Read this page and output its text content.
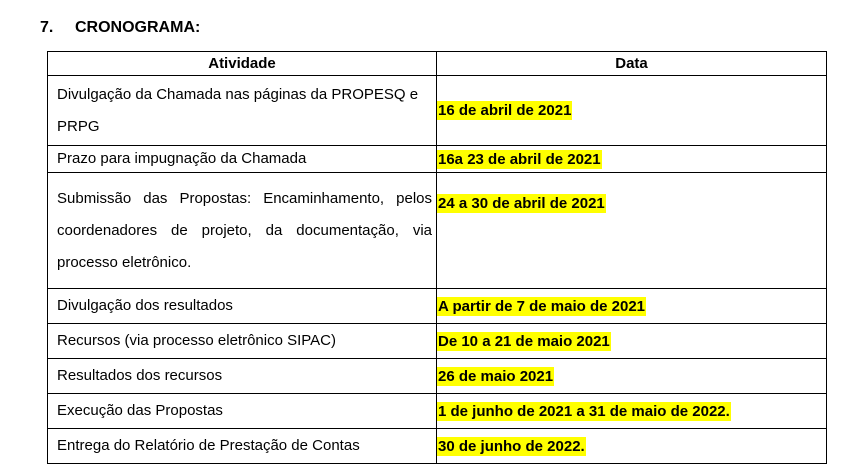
7. CRONOGRAMA:
Atividade	Data

Divulgação da Chamada nas páginas da PROPESQ e PRPG	16 de abril de 2021

Prazo para impugnação da Chamada	16a 23 de abril de 2021

Submissão das Propostas: Encaminhamento, pelos coordenadores de projeto, da documentação, via processo eletrônico.	24 a 30 de abril de 2021

Divulgação dos resultados	A partir de 7 de maio de 2021

Recursos (via processo eletrônico SIPAC)	De 10 a 21 de maio 2021

Resultados dos recursos	26 de maio 2021

Execução das Propostas	1 de junho de 2021 a 31 de maio de 2022.

Entrega do Relatório de Prestação de Contas	30 de junho de 2022.
